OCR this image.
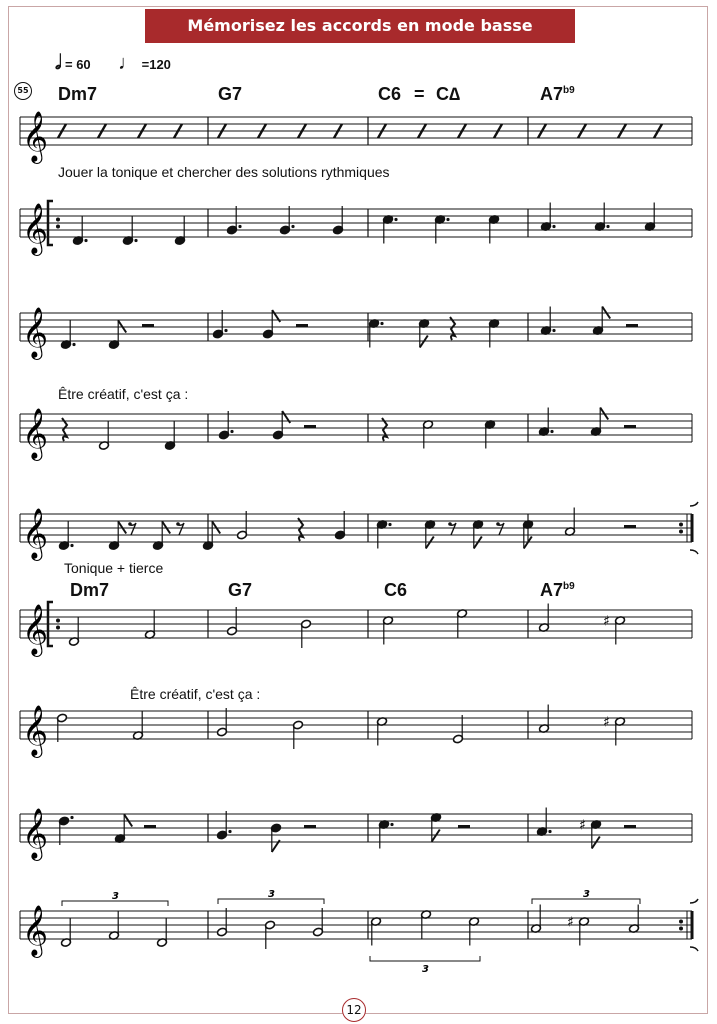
Mémorisez les accords en mode basse dynamique
𝅗𝅥 = 60 ♩ =120
55 Dm7	G7	C6 = C∆	$A7^{b9}$
Jouer la tonique et chercher des solutions rythmiques
Être créatif, c'est ça :
Tonique + tierce
Dm7	G7	C6	$A7^{b9}$
Être créatif, c'est ça :
𝄞
𝄞
𝄞
𝄞
𝄞
𝄞	♯
𝄞	♯
𝄞	♯
𝄞
3	3
3
♯
3
12
